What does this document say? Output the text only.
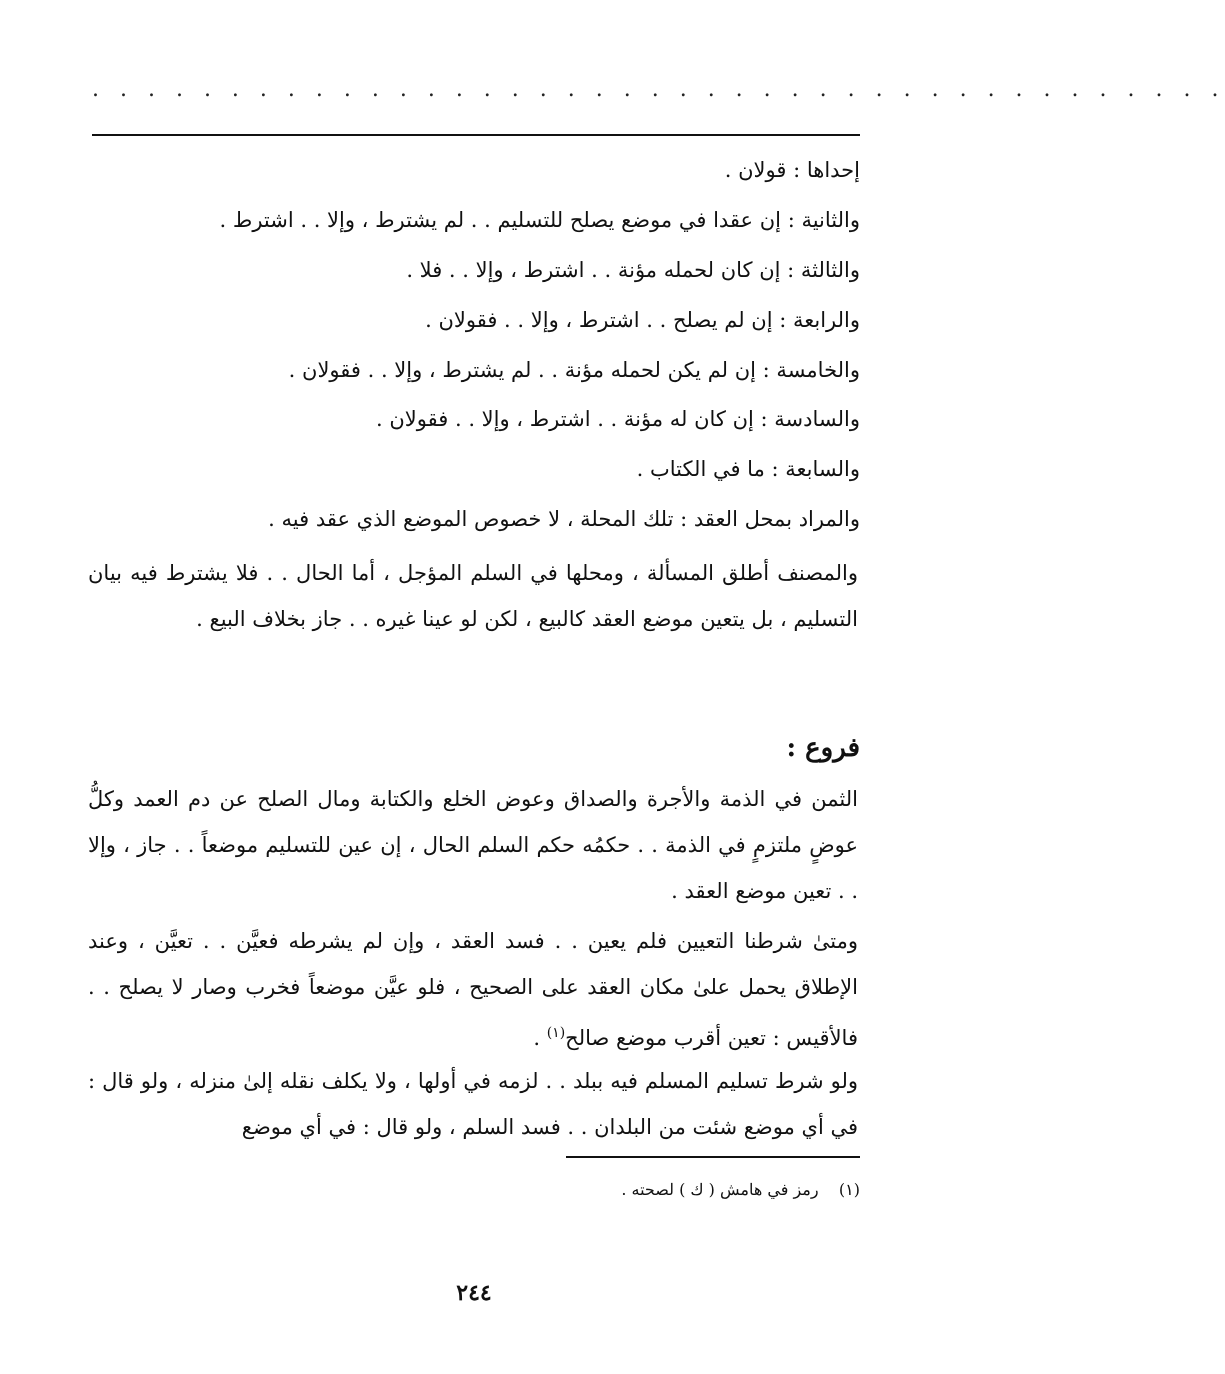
. . . . . . . . . . . . . . . . . . . . . . . . . . . . . . . . . . . . . . . . .
إحداها : قولان .
والثانية : إن عقدا في موضع يصلح للتسليم . . لم يشترط ، وإلا . . اشترط .
والثالثة : إن كان لحمله مؤنة . . اشترط ، وإلا . . فلا .
والرابعة : إن لم يصلح . . اشترط ، وإلا . . فقولان .
والخامسة : إن لم يكن لحمله مؤنة . . لم يشترط ، وإلا . . فقولان .
والسادسة : إن كان له مؤنة . . اشترط ، وإلا . . فقولان .
والسابعة : ما في الكتاب .
والمراد بمحل العقد : تلك المحلة ، لا خصوص الموضع الذي عقد فيه .
والمصنف أطلق المسألة ، ومحلها في السلم المؤجل ، أما الحال . . فلا يشترط فيه بيان التسليم ، بل يتعين موضع العقد كالبيع ، لكن لو عينا غيره . . جاز بخلاف البيع .
فروع :
الثمن في الذمة والأجرة والصداق وعوض الخلع والكتابة ومال الصلح عن دم العمد وكلُّ عوضٍ ملتزمٍ في الذمة . . حكمُه حكم السلم الحال ، إن عين للتسليم موضعاً . . جاز ، وإلا . . تعين موضع العقد .
ومتىٰ شرطنا التعيين فلم يعين . . فسد العقد ، وإن لم يشرطه فعيَّن . . تعيَّن ، وعند الإطلاق يحمل علىٰ مكان العقد على الصحيح ، فلو عيَّن موضعاً فخرب وصار لا يصلح . . فالأقيس : تعين أقرب موضع صالح$^{(١)}$ .
ولو شرط تسليم المسلم فيه ببلد . . لزمه في أولها ، ولا يكلف نقله إلىٰ منزله ، ولو قال : في أي موضع شئت من البلدان . . فسد السلم ، ولو قال : في أي موضع
(١)    رمز في هامش ( ك ) لصحته .
٢٤٤
